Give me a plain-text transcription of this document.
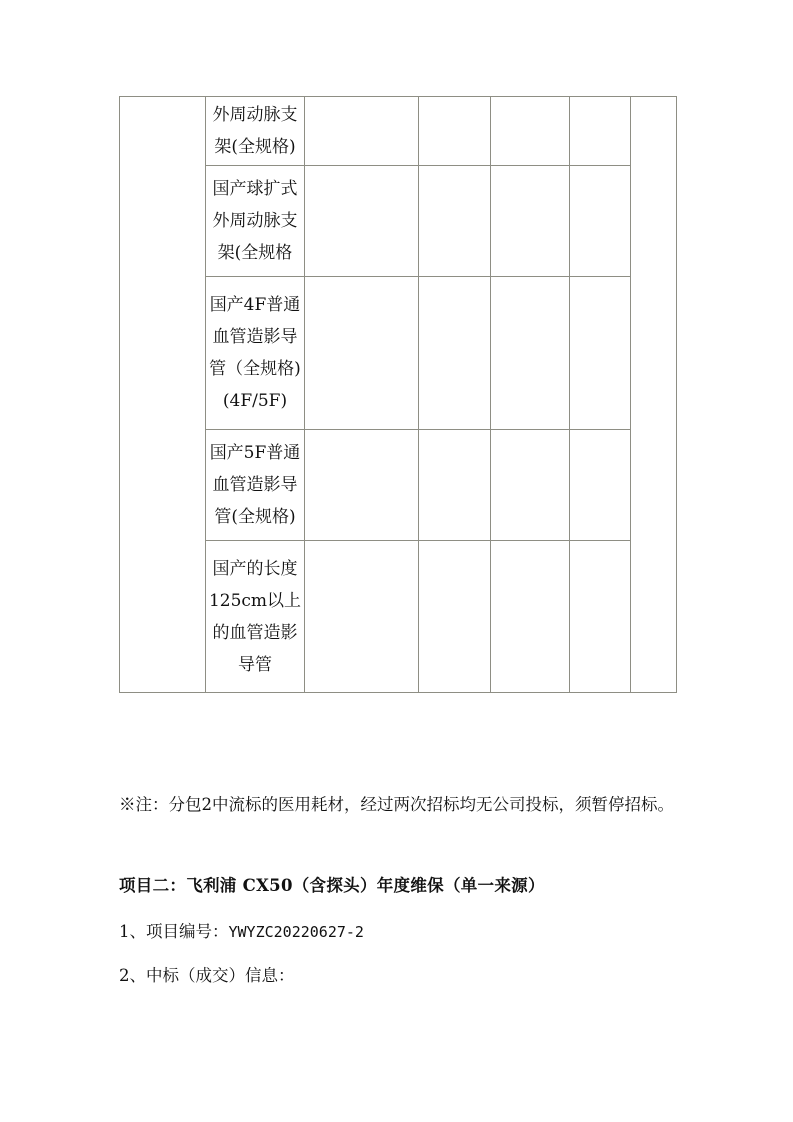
	外周动脉支
架(全规格)					
	国产球扩式
外周动脉支
架(全规格					
	国产4F普通
血管造影导
管（全规格)
(4F/5F)					
	国产5F普通
血管造影导
管(全规格)					
	国产的长度
125cm以上
的血管造影
导管					

※注：分包2中流标的医用耗材，经过两次招标均无公司投标，须暂停招标。

项目二：飞利浦 CX50（含探头）年度维保（单一来源）

1、项目编号：YWYZC20220627-2

2、中标（成交）信息：
